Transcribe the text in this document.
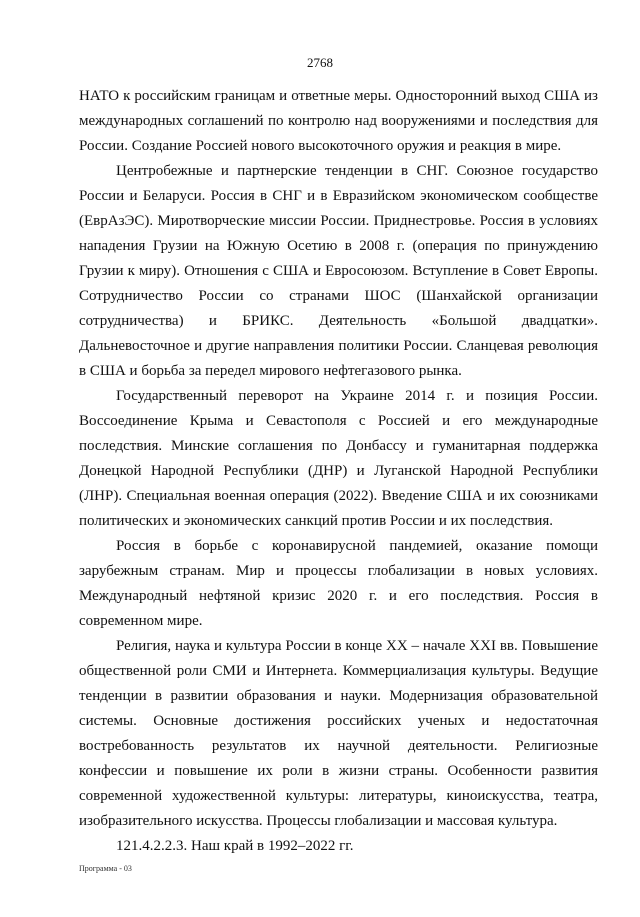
2768

НАТО к российским границам и ответные меры. Односторонний выход США из международных соглашений по контролю над вооружениями и последствия для России. Создание Россией нового высокоточного оружия и реакция в мире.

Центробежные и партнерские тенденции в СНГ. Союзное государство России и Беларуси. Россия в СНГ и в Евразийском экономическом сообществе (ЕврАзЭС). Миротворческие миссии России. Приднестровье. Россия в условиях нападения Грузии на Южную Осетию в 2008 г. (операция по принуждению Грузии к миру). Отношения с США и Евросоюзом. Вступление в Совет Европы. Сотрудничество России со странами ШОС (Шанхайской организации сотрудничества) и БРИКС. Деятельность «Большой двадцатки». Дальневосточное и другие направления политики России. Сланцевая революция в США и борьба за передел мирового нефтегазового рынка.

Государственный переворот на Украине 2014 г. и позиция России. Воссоединение Крыма и Севастополя с Россией и его международные последствия. Минские соглашения по Донбассу и гуманитарная поддержка Донецкой Народной Республики (ДНР) и Луганской Народной Республики (ЛНР). Специальная военная операция (2022). Введение США и их союзниками политических и экономических санкций против России и их последствия.

Россия в борьбе с коронавирусной пандемией, оказание помощи зарубежным странам. Мир и процессы глобализации в новых условиях. Международный нефтяной кризис 2020 г. и его последствия. Россия в современном мире.

Религия, наука и культура России в конце XX – начале XXI вв. Повышение общественной роли СМИ и Интернета. Коммерциализация культуры. Ведущие тенденции в развитии образования и науки. Модернизация образовательной системы. Основные достижения российских ученых и недостаточная востребованность результатов их научной деятельности. Религиозные конфессии и повышение их роли в жизни страны. Особенности развития современной художественной культуры: литературы, киноискусства, театра, изобразительного искусства. Процессы глобализации и массовая культура.

121.4.2.2.3. Наш край в 1992–2022 гг.

Программа - 03
